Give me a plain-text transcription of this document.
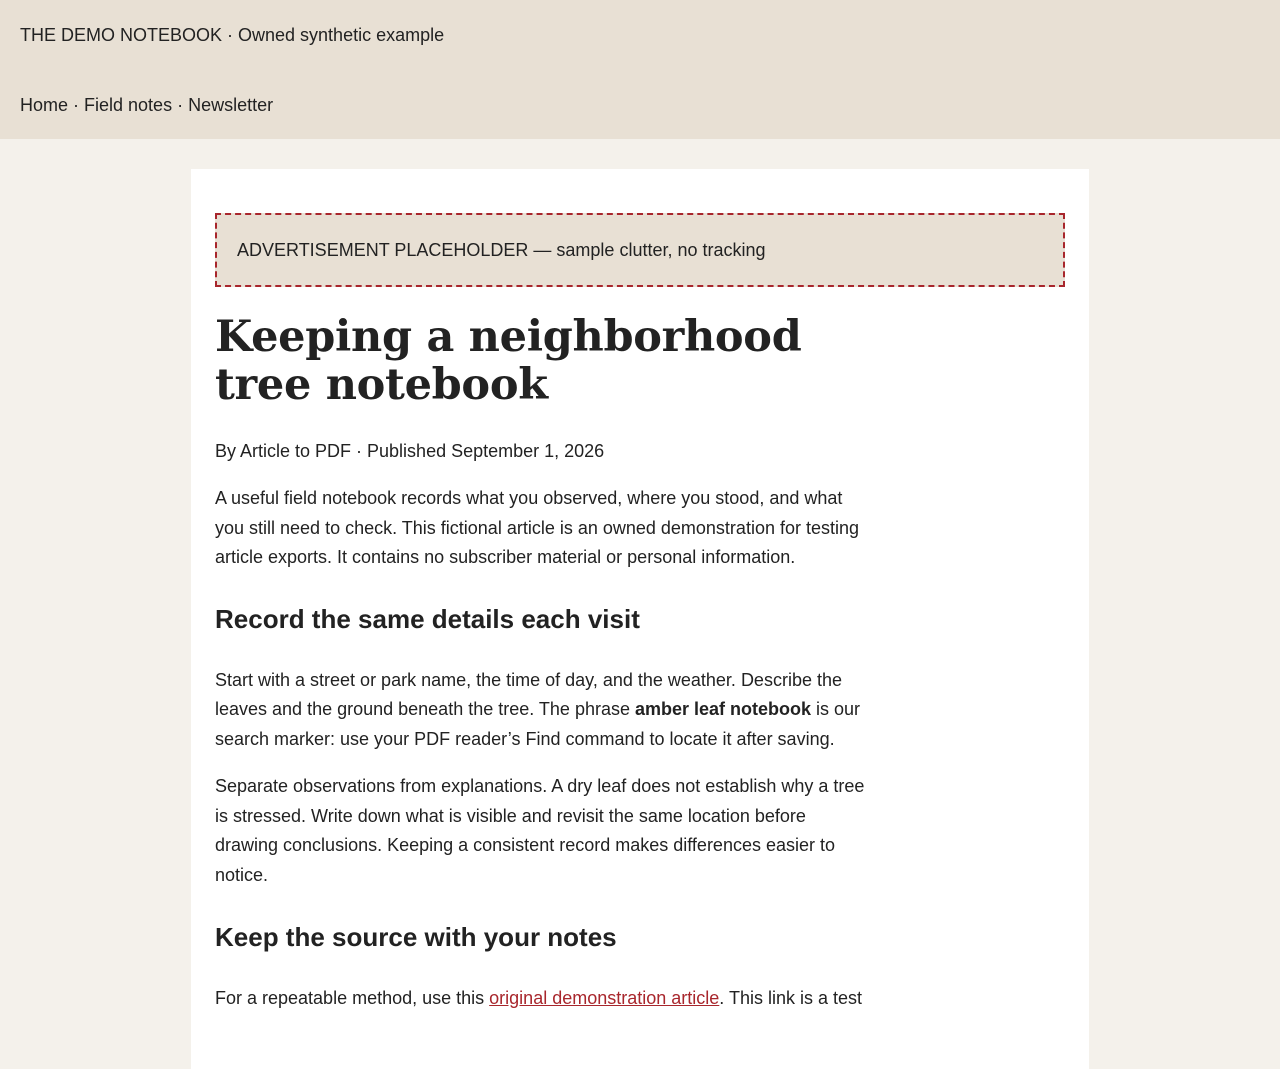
THE DEMO NOTEBOOK · Owned synthetic example
Home · Field notes · Newsletter
ADVERTISEMENT PLACEHOLDER — sample clutter, no tracking
Keeping a neighborhood tree notebook
By Article to PDF · Published September 1, 2026

A useful field notebook records what you observed, where you stood, and what you still need to check. This fictional article is an owned demonstration for testing article exports. It contains no subscriber material or personal information.

Record the same details each visit

Start with a street or park name, the time of day, and the weather. Describe the leaves and the ground beneath the tree. The phrase amber leaf notebook is our search marker: use your PDF reader’s Find command to locate it after saving.

Separate observations from explanations. A dry leaf does not establish why a tree is stressed. Write down what is visible and revisit the same location before drawing conclusions. Keeping a consistent record makes differences easier to notice.

Keep the source with your notes

For a repeatable method, use this original demonstration article. This link is a test
